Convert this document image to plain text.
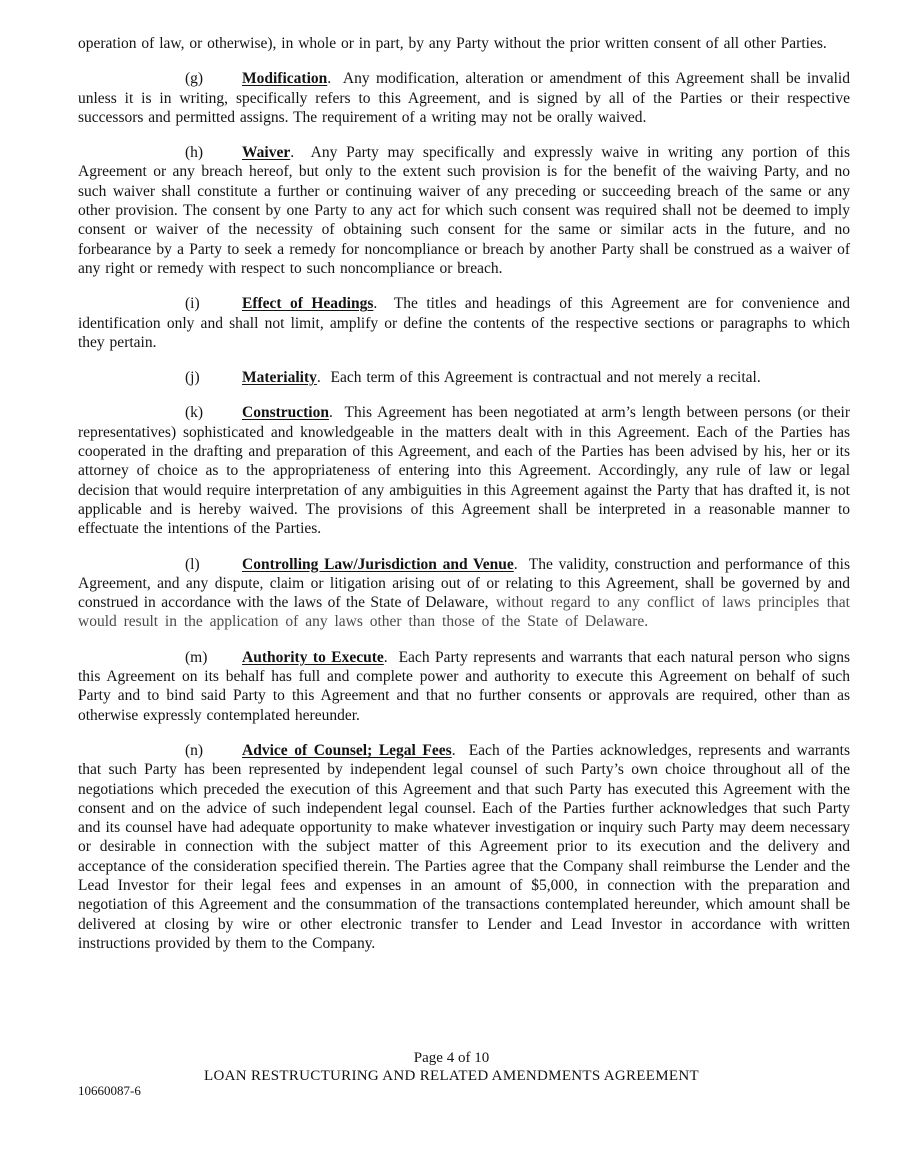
operation of law, or otherwise), in whole or in part, by any Party without the prior written consent of all other Parties.

(g)	Modification.  Any modification, alteration or amendment of this Agreement shall be invalid unless it is in writing, specifically refers to this Agreement, and is signed by all of the Parties or their respective successors and permitted assigns. The requirement of a writing may not be orally waived.

(h)	Waiver.  Any Party may specifically and expressly waive in writing any portion of this Agreement or any breach hereof, but only to the extent such provision is for the benefit of the waiving Party, and no such waiver shall constitute a further or continuing waiver of any preceding or succeeding breach of the same or any other provision. The consent by one Party to any act for which such consent was required shall not be deemed to imply consent or waiver of the necessity of obtaining such consent for the same or similar acts in the future, and no forbearance by a Party to seek a remedy for noncompliance or breach by another Party shall be construed as a waiver of any right or remedy with respect to such noncompliance or breach.

(i)	Effect of Headings.  The titles and headings of this Agreement are for convenience and identification only and shall not limit, amplify or define the contents of the respective sections or paragraphs to which they pertain.

(j)	Materiality.  Each term of this Agreement is contractual and not merely a recital.

(k)	Construction.  This Agreement has been negotiated at arm’s length between persons (or their representatives) sophisticated and knowledgeable in the matters dealt with in this Agreement. Each of the Parties has cooperated in the drafting and preparation of this Agreement, and each of the Parties has been advised by his, her or its attorney of choice as to the appropriateness of entering into this Agreement. Accordingly, any rule of law or legal decision that would require interpretation of any ambiguities in this Agreement against the Party that has drafted it, is not applicable and is hereby waived. The provisions of this Agreement shall be interpreted in a reasonable manner to effectuate the intentions of the Parties.

(l)	Controlling Law/Jurisdiction and Venue.  The validity, construction and performance of this Agreement, and any dispute, claim or litigation arising out of or relating to this Agreement, shall be governed by and construed in accordance with the laws of the State of Delaware, without regard to any conflict of laws principles that would result in the application of any laws other than those of the State of Delaware.

(m) Authority to Execute.  Each Party represents and warrants that each natural person who signs this Agreement on its behalf has full and complete power and authority to execute this Agreement on behalf of such Party and to bind said Party to this Agreement and that no further consents or approvals are required, other than as otherwise expressly contemplated hereunder.

(n)	Advice of Counsel; Legal Fees.  Each of the Parties acknowledges, represents and warrants that such Party has been represented by independent legal counsel of such Party’s own choice throughout all of the negotiations which preceded the execution of this Agreement and that such Party has executed this Agreement with the consent and on the advice of such independent legal counsel. Each of the Parties further acknowledges that such Party and its counsel have had adequate opportunity to make whatever investigation or inquiry such Party may deem necessary or desirable in connection with the subject matter of this Agreement prior to its execution and the delivery and acceptance of the consideration specified therein. The Parties agree that the Company shall reimburse the Lender and the Lead Investor for their legal fees and expenses in an amount of $5,000, in connection with the preparation and negotiation of this Agreement and the consummation of the transactions contemplated hereunder, which amount shall be delivered at closing by wire or other electronic transfer to Lender and Lead Investor in accordance with written instructions provided by them to the Company.

Page 4 of 10
LOAN RESTRUCTURING AND RELATED AMENDMENTS AGREEMENT
10660087-6
